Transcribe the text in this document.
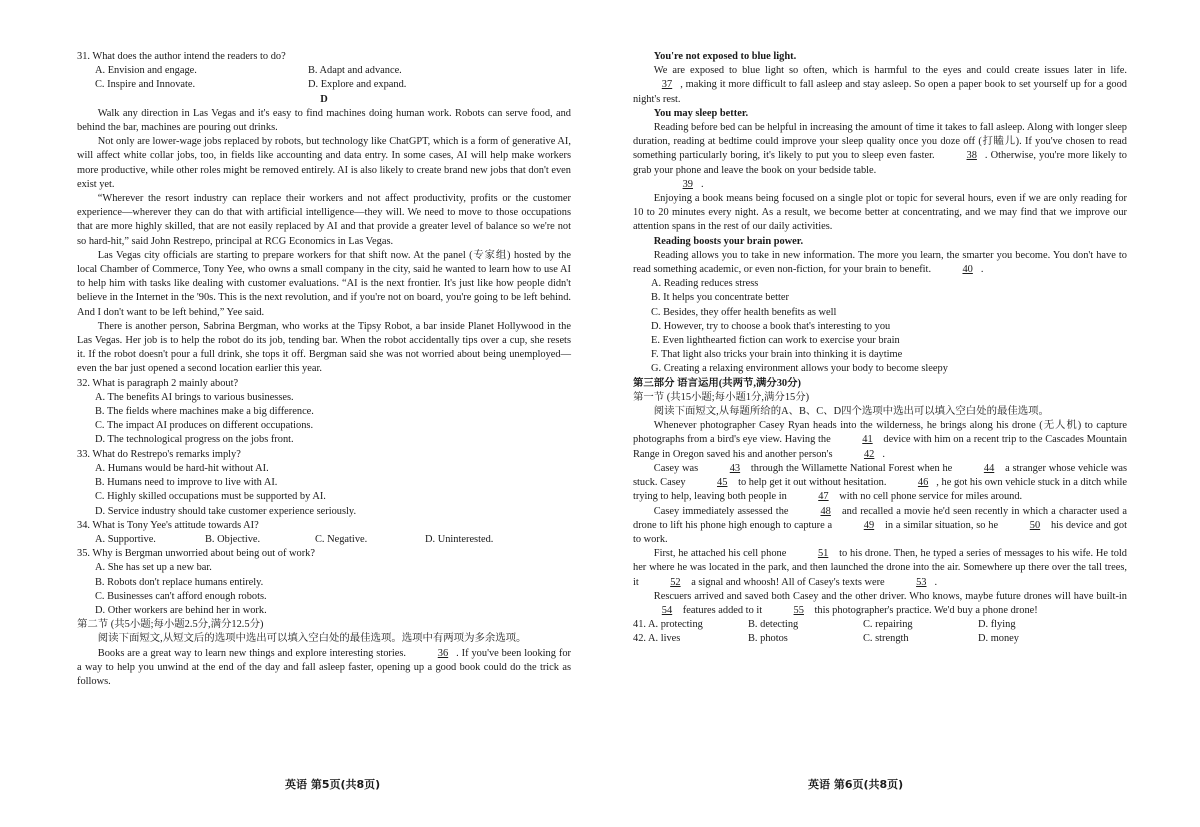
31. What does the author intend the readers to do?

A. Envision and engage.	B. Adapt and advance.
C. Inspire and Innovate.	D. Explore and expand.

D

Walk any direction in Las Vegas and it's easy to find machines doing human work. Robots can serve food, and behind the bar, machines are pouring out drinks.

Not only are lower-wage jobs replaced by robots, but technology like ChatGPT, which is a form of generative AI, will affect white collar jobs, too, in fields like accounting and data entry. In some cases, AI will help make workers more productive, while other roles might be removed entirely. AI is also likely to create brand new jobs that don't even exist yet.

“Wherever the resort industry can replace their workers and not affect productivity, profits or the customer experience—wherever they can do that with artificial intelligence—they will. We need to move to those occupations that are more highly skilled, that are not easily replaced by AI and that provide a greater level of balance so we're not so hard-hit,” said John Restrepo, principal at RCG Economics in Las Vegas.

Las Vegas city officials are starting to prepare workers for that shift now. At the panel (专家组) hosted by the local Chamber of Commerce, Tony Yee, who owns a small company in the city, said he wanted to learn how to use AI to help him with tasks like dealing with customer evaluations. “AI is the next frontier. It's just like how people didn't believe in the Internet in the '90s. This is the next revolution, and if you're not on board, you're going to be left behind. And I don't want to be left behind,” Yee said.

There is another person, Sabrina Bergman, who works at the Tipsy Robot, a bar inside Planet Hollywood in the Las Vegas. Her job is to help the robot do its job, tending bar. When the robot accidentally tips over a cup, she resets it. If the robot doesn't pour a full drink, she tops it off. Bergman said she was not worried about being unemployed—even the bar just opened a second location earlier this year.

32. What is paragraph 2 mainly about?

A. The benefits AI brings to various businesses.

B. The fields where machines make a big difference.

C. The impact AI produces on different occupations.

D. The technological progress on the jobs front.

33. What do Restrepo's remarks imply?

A. Humans would be hard-hit without AI.

B. Humans need to improve to live with AI.

C. Highly skilled occupations must be supported by AI.

D. Service industry should take customer experience seriously.

34. What is Tony Yee's attitude towards AI?

A. Supportive.	B. Objective.	C. Negative.	D. Uninterested.

35. Why is Bergman unworried about being out of work?

A. She has set up a new bar.

B. Robots don't replace humans entirely.

C. Businesses can't afford enough robots.

D. Other workers are behind her in work.

第二节 (共5小题;每小题2.5分,满分12.5分)

阅读下面短文,从短文后的选项中选出可以填入空白处的最佳选项。选项中有两项为多余选项。

Books are a great way to learn new things and explore interesting stories.	36 . If you've been looking for a way to help you unwind at the end of the day and fall asleep faster, opening up a good book could do the trick as follows.

You're not exposed to blue light.

We are exposed to blue light so often, which is harmful to the eyes and could create issues later in life. 37 , making it more difficult to fall asleep and stay asleep. So open a paper book to set yourself up for a good night's rest.

You may sleep better.

Reading before bed can be helpful in increasing the amount of time it takes to fall asleep. Along with longer sleep duration, reading at bedtime could improve your sleep quality once you doze off (打瞌儿). If you've chosen to read something particularly boring, it's likely to put you to sleep even faster.	38 . Otherwise, you're more likely to grab your phone and leave the book on your bedside table.

39 .

Enjoying a book means being focused on a single plot or topic for several hours, even if we are only reading for 10 to 20 minutes every night. As a result, we become better at concentrating, and we may find that we improve our attention spans in the rest of our daily activities.

Reading boosts your brain power.

Reading allows you to take in new information. The more you learn, the smarter you become. You don't have to read something academic, or even non-fiction, for your brain to benefit.	40 .

A. Reading reduces stress

B. It helps you concentrate better

C. Besides, they offer health benefits as well

D. However, try to choose a book that's interesting to you

E. Even lighthearted fiction can work to exercise your brain

F. That light also tricks your brain into thinking it is daytime

G. Creating a relaxing environment allows your body to become sleepy

第三部分 语言运用(共两节,满分30分)

第一节 (共15小题;每小题1分,满分15分)

阅读下面短文,从每题所给的A、B、C、D四个选项中选出可以填入空白处的最佳选项。

Whenever photographer Casey Ryan heads into the wilderness, he brings along his drone (无人机) to capture photographs from a bird's eye view. Having the	41 device with him on a recent trip to the Cascades Mountain Range in Oregon saved his and another person's	42 .

Casey was	43 through the Willamette National Forest when he	44 a stranger whose vehicle was stuck. Casey	45 to help get it out without hesitation.	46 , he got his own vehicle stuck in a ditch while trying to help, leaving both people in	47 with no cell phone service for miles around.

Casey immediately assessed the	48 and recalled a movie he'd seen recently in which a character used a drone to lift his phone high enough to capture a	49 in a similar situation, so he	50 his device and got to work.

First, he attached his cell phone	51 to his drone. Then, he typed a series of messages to his wife. He told her where he was located in the park, and then launched the drone into the air. Somewhere up there over the tall trees, it	52 a signal and whoosh! All of Casey's texts were	53 .

Rescuers arrived and saved both Casey and the other driver. Who knows, maybe future drones will have built-in 54 features added to it	55 this photographer's practice. We'd buy a phone drone!

41. A. protecting	B. detecting	C. repairing	D. flying
42. A. lives	B. photos	C. strength	D. money
英语 第5页(共8页)	英语 第6页(共8页)
